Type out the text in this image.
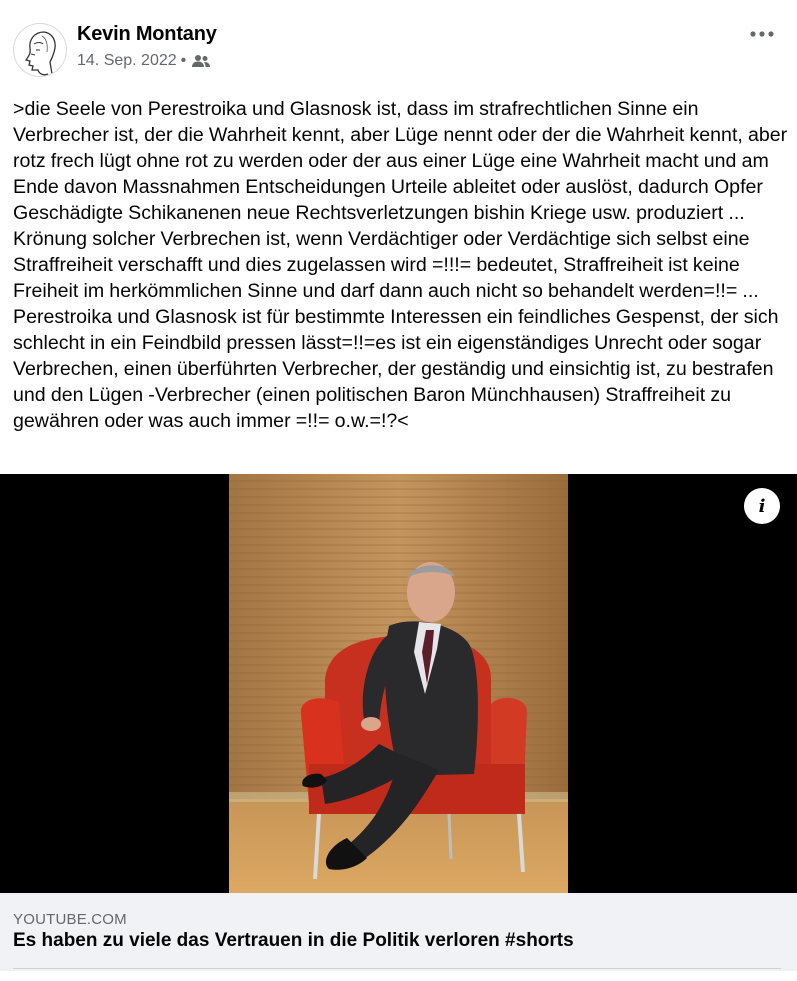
Kevin Montany
14. Sep. 2022 •
>die Seele von Perestroika und Glasnosk ist, dass im strafrechtlichen Sinne ein Verbrecher ist, der die Wahrheit kennt, aber Lüge nennt oder der die Wahrheit kennt, aber rotz frech lügt ohne rot zu werden oder der aus einer Lüge eine Wahrheit macht und am Ende davon Massnahmen Entscheidungen Urteile ableitet oder auslöst, dadurch Opfer Geschädigte Schikanenen neue Rechtsverletzungen bishin Kriege usw. produziert ... Krönung solcher Verbrechen ist, wenn Verdächtiger oder Verdächtige sich selbst eine Straffreiheit verschafft und dies zugelassen wird =!!!= bedeutet, Straffreiheit ist keine Freiheit im herkömmlichen Sinne und darf dann auch nicht so behandelt werden=!!= ... Perestroika und Glasnosk ist für bestimmte Interessen ein feindliches Gespenst, der sich schlecht in ein Feindbild pressen lässt=!!=es ist ein eigenständiges Unrecht oder sogar Verbrechen, einen überführten Verbrecher, der geständig und einsichtig ist, zu bestrafen und den Lügen -Verbrecher (einen politischen Baron Münchhausen) Straffreiheit zu gewähren oder was auch immer =!!= o.w.=!?<
i
YOUTUBE.COM
Es haben zu viele das Vertrauen in die Politik verloren #shorts
